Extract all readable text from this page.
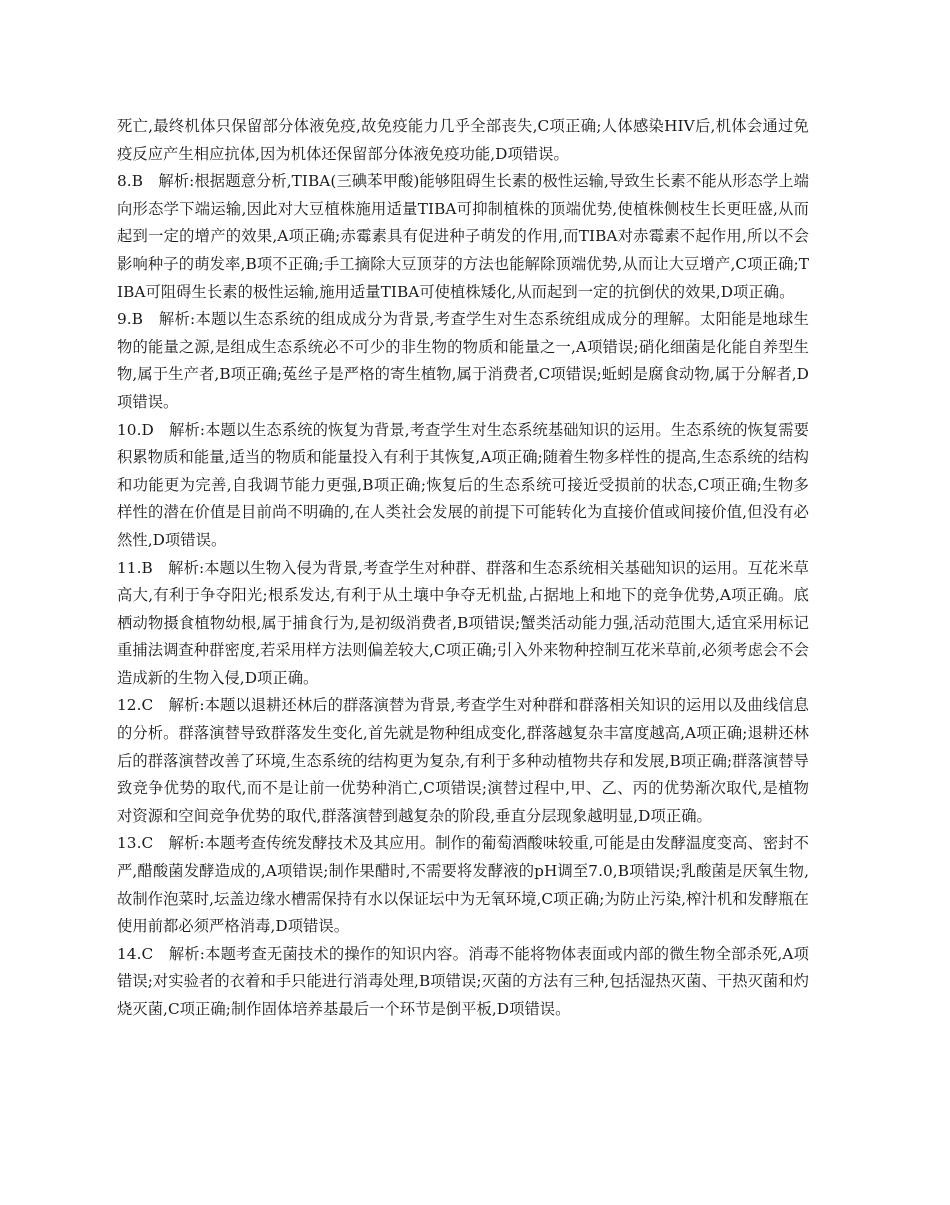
死亡,最终机体只保留部分体液免疫,故免疫能力几乎全部丧失,C项正确;人体感染HIV后,机体会通过免疫反应产生相应抗体,因为机体还保留部分体液免疫功能,D项错误。

8.B　解析:根据题意分析,TIBA(三碘苯甲酸)能够阻碍生长素的极性运输,导致生长素不能从形态学上端向形态学下端运输,因此对大豆植株施用适量TIBA可抑制植株的顶端优势,使植株侧枝生长更旺盛,从而起到一定的增产的效果,A项正确;赤霉素具有促进种子萌发的作用,而TIBA对赤霉素不起作用,所以不会影响种子的萌发率,B项不正确;手工摘除大豆顶芽的方法也能解除顶端优势,从而让大豆增产,C项正确;TIBA可阻碍生长素的极性运输,施用适量TIBA可使植株矮化,从而起到一定的抗倒伏的效果,D项正确。

9.B　解析:本题以生态系统的组成成分为背景,考查学生对生态系统组成成分的理解。太阳能是地球生物的能量之源,是组成生态系统必不可少的非生物的物质和能量之一,A项错误;硝化细菌是化能自养型生物,属于生产者,B项正确;菟丝子是严格的寄生植物,属于消费者,C项错误;蚯蚓是腐食动物,属于分解者,D项错误。

10.D　解析:本题以生态系统的恢复为背景,考查学生对生态系统基础知识的运用。生态系统的恢复需要积累物质和能量,适当的物质和能量投入有利于其恢复,A项正确;随着生物多样性的提高,生态系统的结构和功能更为完善,自我调节能力更强,B项正确;恢复后的生态系统可接近受损前的状态,C项正确;生物多样性的潜在价值是目前尚不明确的,在人类社会发展的前提下可能转化为直接价值或间接价值,但没有必然性,D项错误。

11.B　解析:本题以生物入侵为背景,考查学生对种群、群落和生态系统相关基础知识的运用。互花米草高大,有利于争夺阳光;根系发达,有利于从土壤中争夺无机盐,占据地上和地下的竞争优势,A项正确。底栖动物摄食植物幼根,属于捕食行为,是初级消费者,B项错误;蟹类活动能力强,活动范围大,适宜采用标记重捕法调查种群密度,若采用样方法则偏差较大,C项正确;引入外来物种控制互花米草前,必须考虑会不会造成新的生物入侵,D项正确。

12.C　解析:本题以退耕还林后的群落演替为背景,考查学生对种群和群落相关知识的运用以及曲线信息的分析。群落演替导致群落发生变化,首先就是物种组成变化,群落越复杂丰富度越高,A项正确;退耕还林后的群落演替改善了环境,生态系统的结构更为复杂,有利于多种动植物共存和发展,B项正确;群落演替导致竞争优势的取代,而不是让前一优势种消亡,C项错误;演替过程中,甲、乙、丙的优势渐次取代,是植物对资源和空间竞争优势的取代,群落演替到越复杂的阶段,垂直分层现象越明显,D项正确。

13.C　解析:本题考查传统发酵技术及其应用。制作的葡萄酒酸味较重,可能是由发酵温度变高、密封不严,醋酸菌发酵造成的,A项错误;制作果醋时,不需要将发酵液的pH调至7.0,B项错误;乳酸菌是厌氧生物,故制作泡菜时,坛盖边缘水槽需保持有水以保证坛中为无氧环境,C项正确;为防止污染,榨汁机和发酵瓶在使用前都必须严格消毒,D项错误。

14.C　解析:本题考查无菌技术的操作的知识内容。消毒不能将物体表面或内部的微生物全部杀死,A项错误;对实验者的衣着和手只能进行消毒处理,B项错误;灭菌的方法有三种,包括湿热灭菌、干热灭菌和灼烧灭菌,C项正确;制作固体培养基最后一个环节是倒平板,D项错误。
